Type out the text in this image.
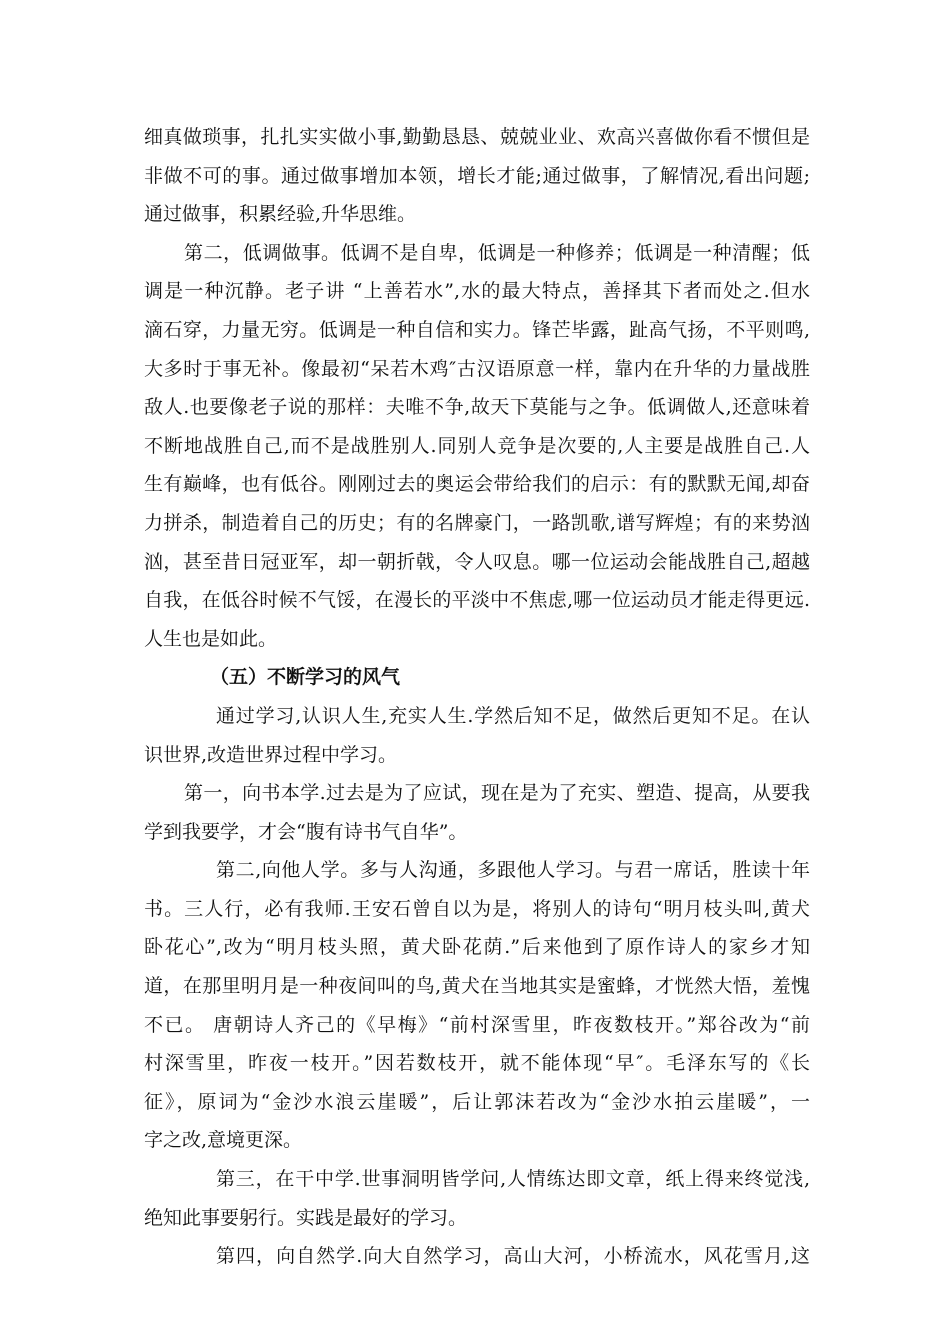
细真做琐事，扎扎实实做小事,勤勤恳恳、兢兢业业、欢高兴喜做你看不惯但是
非做不可的事。通过做事增加本领，增长才能;通过做事，了解情况,看出问题;
通过做事，积累经验,升华思维。
第二，低调做事。低调不是自卑，低调是一种修养；低调是一种清醒；低
调是一种沉静。老子讲 “上善若水”,水的最大特点，善择其下者而处之.但水
滴石穿，力量无穷。低调是一种自信和实力。锋芒毕露，趾高气扬，不平则鸣,
大多时于事无补。像最初“呆若木鸡″古汉语原意一样，靠内在升华的力量战胜
敌人.也要像老子说的那样：夫唯不争,故天下莫能与之争。低调做人,还意味着
不断地战胜自己,而不是战胜别人.同别人竞争是次要的,人主要是战胜自己.人
生有巅峰，也有低谷。刚刚过去的奥运会带给我们的启示：有的默默无闻,却奋
力拼杀，制造着自己的历史；有的名牌豪门，一路凯歌,谱写辉煌；有的来势汹
汹，甚至昔日冠亚军，却一朝折戟，令人叹息。哪一位运动会能战胜自己,超越
自我，在低谷时候不气馁，在漫长的平淡中不焦虑,哪一位运动员才能走得更远.
人生也是如此。
（五）不断学习的风气
通过学习,认识人生,充实人生.学然后知不足，做然后更知不足。在认
识世界,改造世界过程中学习。
第一，向书本学.过去是为了应试，现在是为了充实、塑造、提高，从要我
学到我要学，才会“腹有诗书气自华”。
第二,向他人学。多与人沟通，多跟他人学习。与君一席话，胜读十年
书。三人行，必有我师.王安石曾自以为是，将别人的诗句“明月枝头叫,黄犬
卧花心”,改为“明月枝头照，黄犬卧花荫.”后来他到了原作诗人的家乡才知
道，在那里明月是一种夜间叫的鸟,黄犬在当地其实是蜜蜂，才恍然大悟，羞愧
不已。 唐朝诗人齐己的《早梅》“前村深雪里，昨夜数枝开。”郑谷改为“前
村深雪里，昨夜一枝开。”因若数枝开，就不能体现“早″。毛泽东写的《长
征》，原词为“金沙水浪云崖暖”，后让郭沫若改为“金沙水拍云崖暖”，一
字之改,意境更深。
第三，在干中学.世事洞明皆学问,人情练达即文章，纸上得来终觉浅,
绝知此事要躬行。实践是最好的学习。
第四，向自然学.向大自然学习，高山大河，小桥流水，风花雪月,这
